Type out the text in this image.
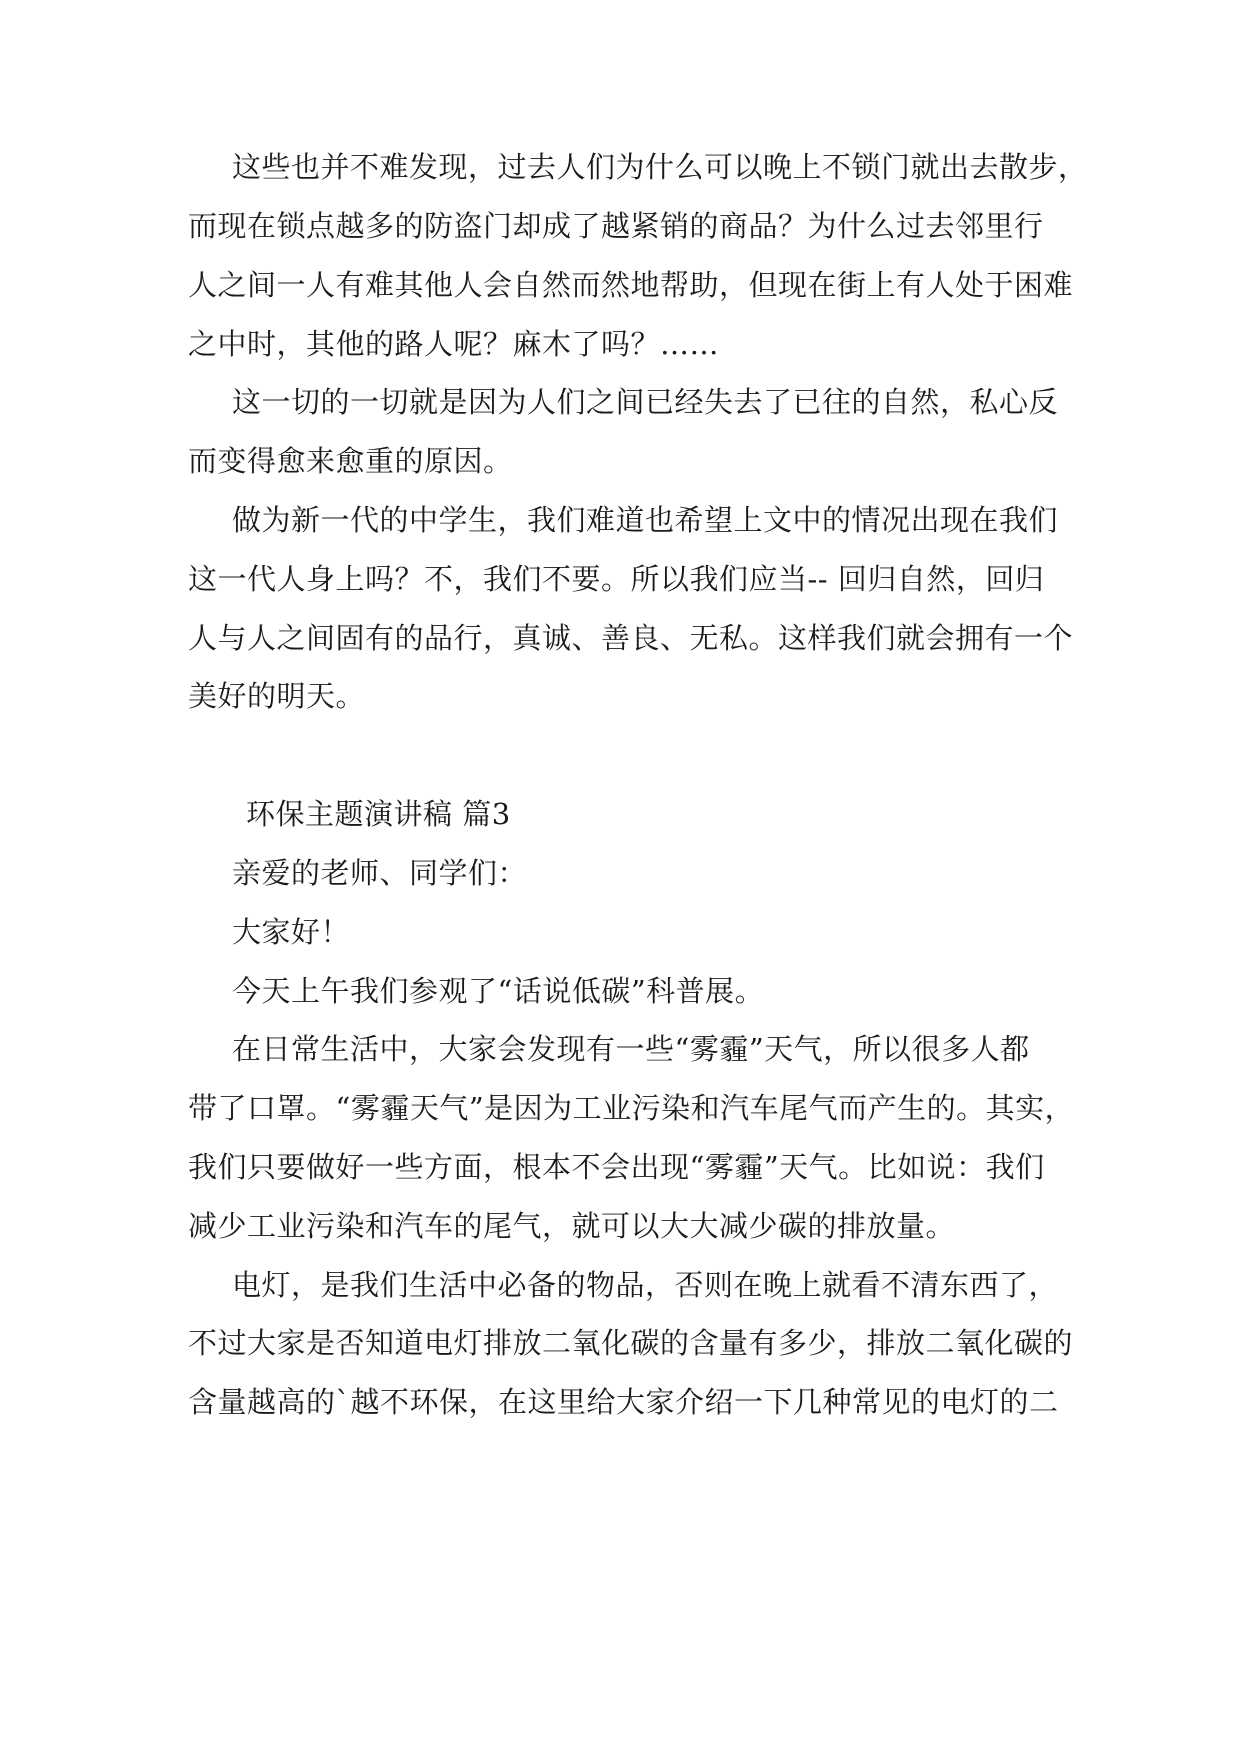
这些也并不难发现，过去人们为什么可以晚上不锁门就出去散步，
而现在锁点越多的防盗门却成了越紧销的商品？为什么过去邻里行
人之间一人有难其他人会自然而然地帮助，但现在街上有人处于困难
之中时，其他的路人呢？麻木了吗？……
这一切的一切就是因为人们之间已经失去了已往的自然，私心反
而变得愈来愈重的原因。
做为新一代的中学生，我们难道也希望上文中的情况出现在我们
这一代人身上吗？不，我们不要。所以我们应当-- 回归自然，回归
人与人之间固有的品行，真诚、善良、无私。这样我们就会拥有一个
美好的明天。
环保主题演讲稿 篇3
亲爱的老师、同学们：
大家好！
今天上午我们参观了“话说低碳”科普展。
在日常生活中，大家会发现有一些“雾霾”天气，所以很多人都
带了口罩。“雾霾天气”是因为工业污染和汽车尾气而产生的。其实，
我们只要做好一些方面，根本不会出现“雾霾”天气。比如说：我们
减少工业污染和汽车的尾气，就可以大大减少碳的排放量。
电灯，是我们生活中必备的物品，否则在晚上就看不清东西了，
不过大家是否知道电灯排放二氧化碳的含量有多少，排放二氧化碳的
含量越高的`越不环保，在这里给大家介绍一下几种常见的电灯的二
